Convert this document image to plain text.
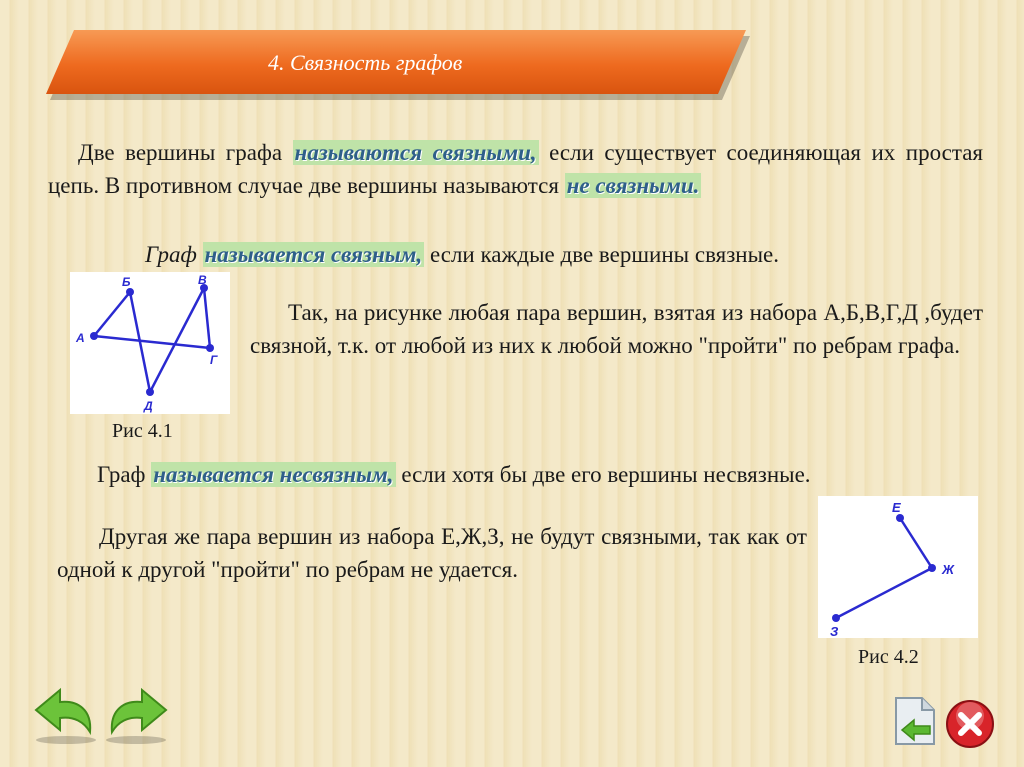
4. Связность графов
Две вершины графа называются связными, если существует соединяющая их простая цепь. В противном случае две вершины называются не связными.
Граф называется связным, если каждые две вершины связные.
А
Б	В
Г
Д
Рис 4.1
Так, на рисунке любая пара вершин, взятая из набора А,Б,В,Г,Д ,будет связной, т.к. от любой из них к любой можно "пройти" по ребрам графа.
Граф называется несвязным, если хотя бы две его вершины несвязные.
Другая же пара вершин из набора Е,Ж,З, не будут связными, так как от одной к другой "пройти" по ребрам не удается.
Е
Ж
З
Рис 4.2
